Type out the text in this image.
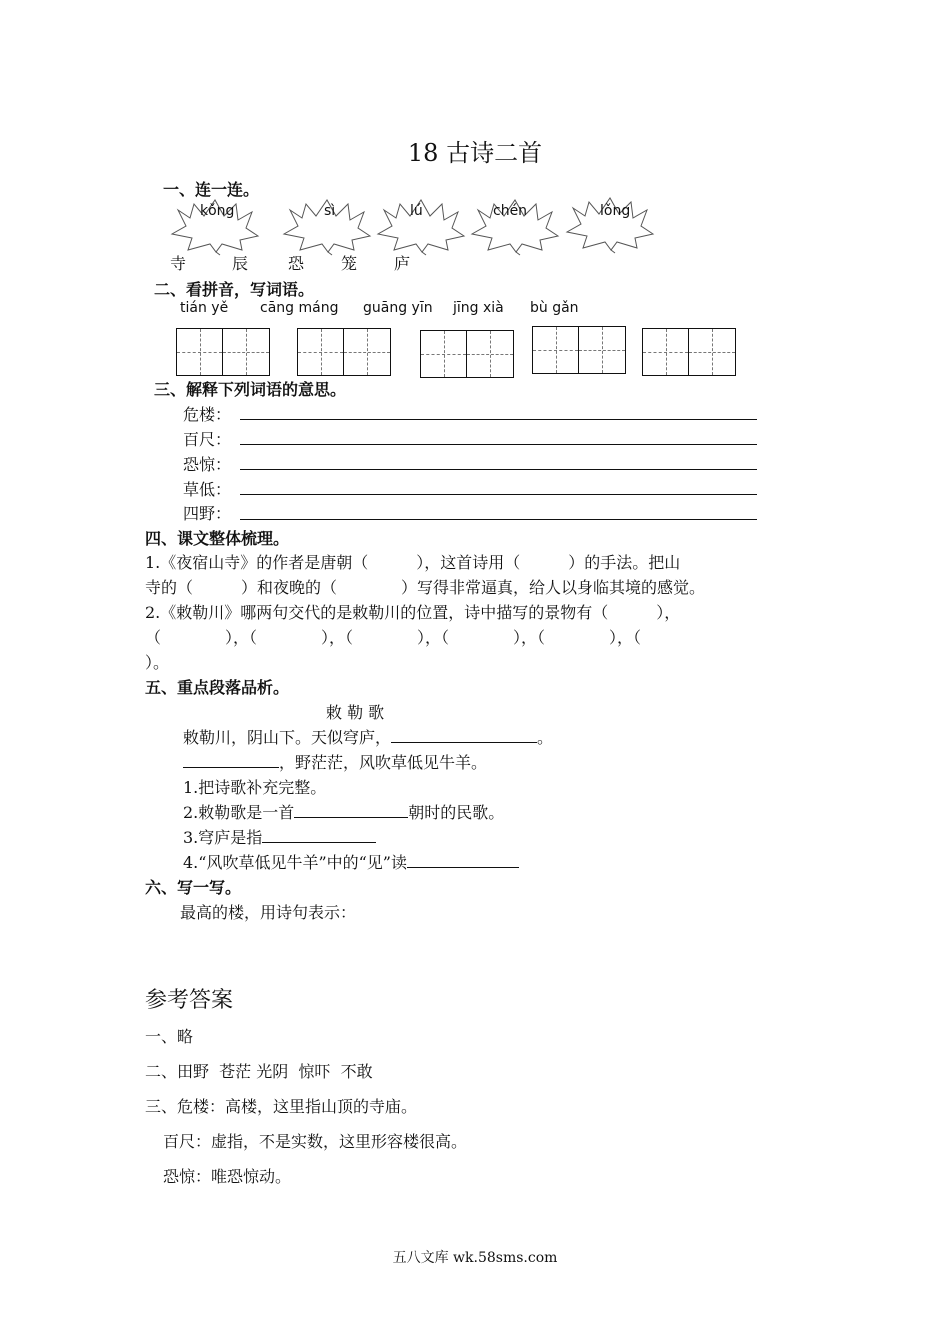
18 古诗二首
一、连一连。
kǒng	sì	lú	chén	lǒng
寺	辰 恐 笼 庐
二、看拼音，写词语。
tián yě cāng máng guāng yīn jīng xià bù gǎn
三、解释下列词语的意思。
危楼：
百尺：
恐惊：
草低：
四野：
四、课文整体梳理。
1.《夜宿山寺》的作者是唐朝（　　　），这首诗用（　　　）的手法。把山
寺的（　　　）和夜晚的（　　　　）写得非常逼真，给人以身临其境的感觉。
2.《敕勒川》哪两句交代的是敕勒川的位置，诗中描写的景物有（　　　），
（　　　　），（　　　　），（　　　　），（　　　　），（　　　　），（
）。
五、重点段落品析。
敕 勒 歌
敕勒川，阴山下。天似穹庐，	。
，野茫茫，风吹草低见牛羊。
1.把诗歌补充完整。
2.敕勒歌是一首	朝时的民歌。
3.穹庐是指
4.“风吹草低见牛羊”中的“见”读
六、写一写。
最高的楼，用诗句表示：
参考答案
一、略
二、田野  苍茫 光阴  惊吓  不敢
三、危楼：高楼，这里指山顶的寺庙。
百尺：虚指，不是实数，这里形容楼很高。
恐惊：唯恐惊动。
五八文库 wk.58sms.com
